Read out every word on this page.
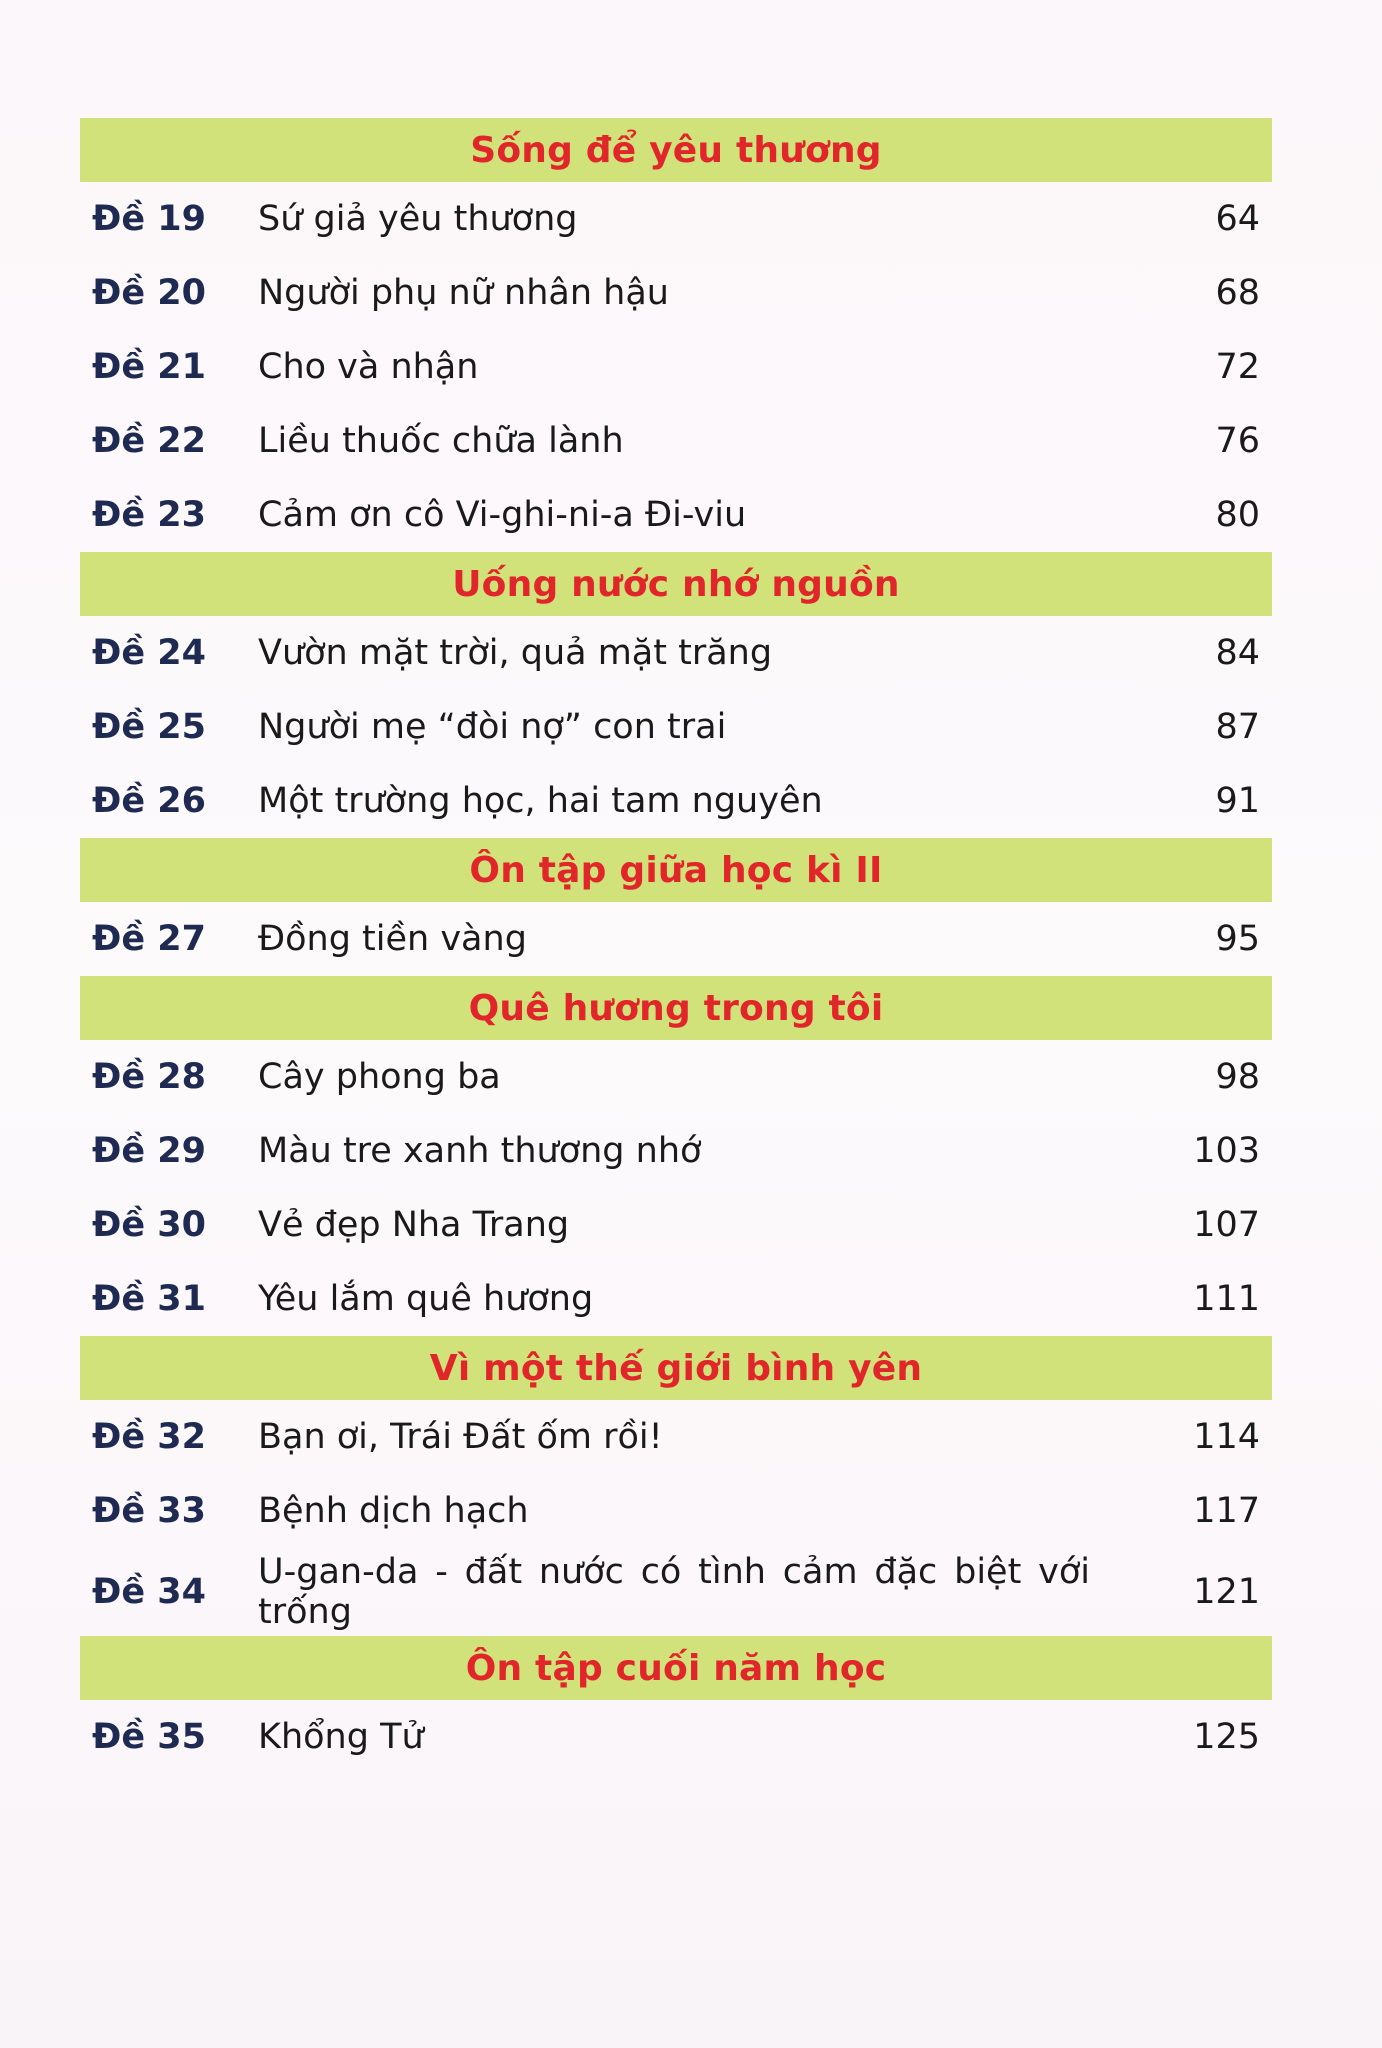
Sống để yêu thương
Đề 19	Sứ giả yêu thương	64
Đề 20	Người phụ nữ nhân hậu	68
Đề 21	Cho và nhận	72
Đề 22	Liều thuốc chữa lành	76
Đề 23	Cảm ơn cô Vi-ghi-ni-a Đi-viu	80
Uống nước nhớ nguồn
Đề 24	Vườn mặt trời, quả mặt trăng	84
Đề 25	Người mẹ “đòi nợ” con trai	87
Đề 26	Một trường học, hai tam nguyên	91
Ôn tập giữa học kì II
Đề 27	Đồng tiền vàng	95
Quê hương trong tôi
Đề 28	Cây phong ba	98
Đề 29	Màu tre xanh thương nhớ	103
Đề 30	Vẻ đẹp Nha Trang	107
Đề 31	Yêu lắm quê hương	111
Vì một thế giới bình yên
Đề 32	Bạn ơi, Trái Đất ốm rồi!	114
Đề 33	Bệnh dịch hạch	117
Đề 34	U-gan-da - đất nước có tình cảm đặc biệt với trống	121
Ôn tập cuối năm học
Đề 35	Khổng Tử	125
